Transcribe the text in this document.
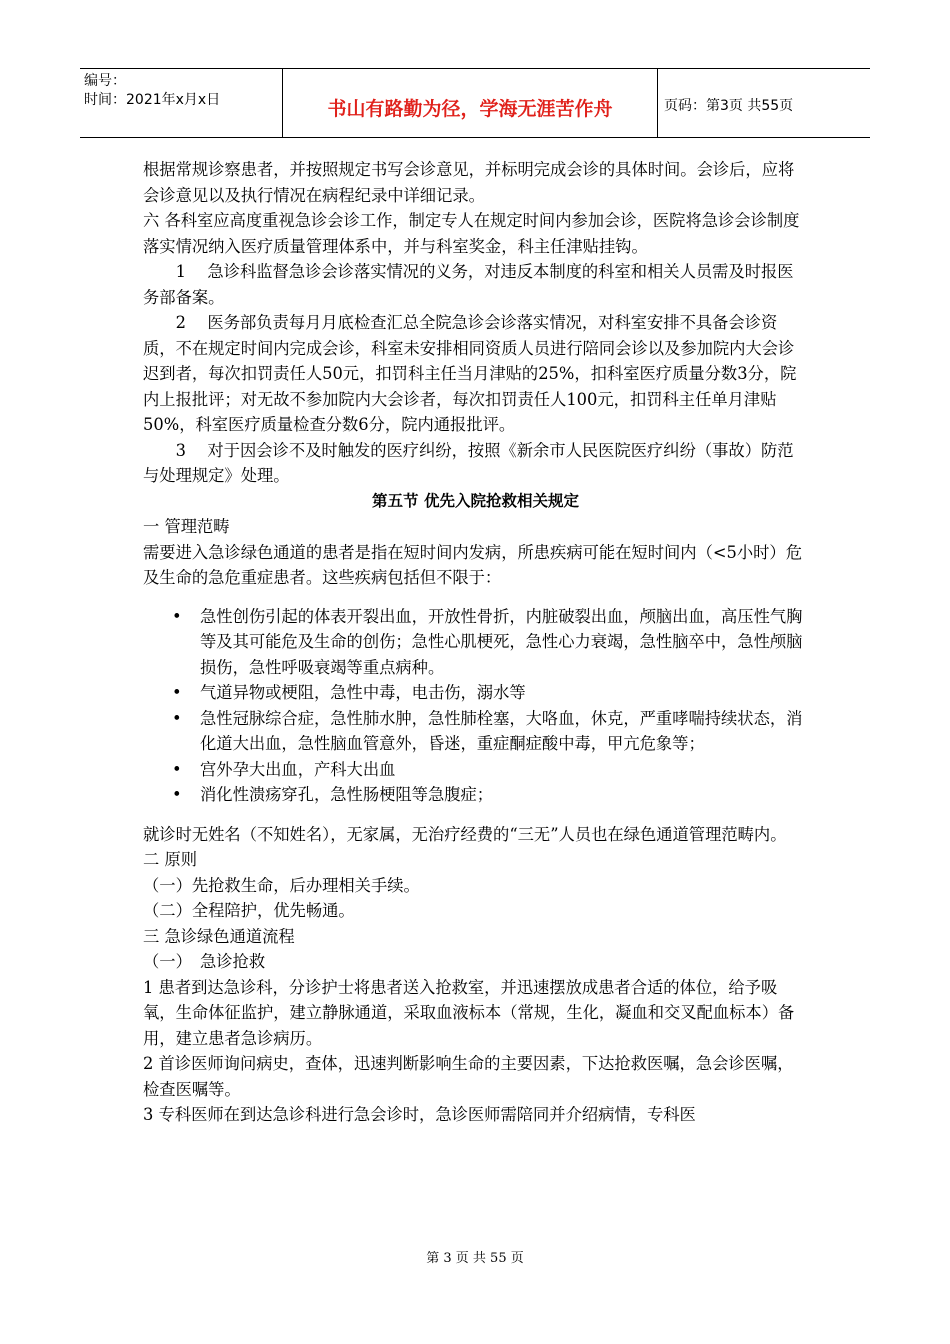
编号：
时间：2021年x月x日	书山有路勤为径，学海无涯苦作舟	页码：第3页 共55页

根据常规诊察患者，并按照规定书写会诊意见，并标明完成会诊的具体时间。会诊后，应将会诊意见以及执行情况在病程纪录中详细记录。

六 各科室应高度重视急诊会诊工作，制定专人在规定时间内参加会诊，医院将急诊会诊制度落实情况纳入医疗质量管理体系中，并与科室奖金，科主任津贴挂钩。

1　 急诊科监督急诊会诊落实情况的义务，对违反本制度的科室和相关人员需及时报医务部备案。

2　 医务部负责每月月底检查汇总全院急诊会诊落实情况，对科室安排不具备会诊资质，不在规定时间内完成会诊，科室未安排相同资质人员进行陪同会诊以及参加院内大会诊迟到者，每次扣罚责任人50元，扣罚科主任当月津贴的25%，扣科室医疗质量分数3分，院内上报批评；对无故不参加院内大会诊者，每次扣罚责任人100元，扣罚科主任单月津贴50%，科室医疗质量检查分数6分，院内通报批评。

3　 对于因会诊不及时触发的医疗纠纷，按照《新余市人民医院医疗纠纷（事故）防范与处理规定》处理。

第五节 优先入院抢救相关规定

一 管理范畴

需要进入急诊绿色通道的患者是指在短时间内发病，所患疾病可能在短时间内（<5小时）危及生命的急危重症患者。这些疾病包括但不限于：

• 急性创伤引起的体表开裂出血，开放性骨折，内脏破裂出血，颅脑出血，高压性气胸等及其可能危及生命的创伤；急性心肌梗死，急性心力衰竭，急性脑卒中，急性颅脑损伤，急性呼吸衰竭等重点病种。
• 气道异物或梗阻，急性中毒，电击伤，溺水等
• 急性冠脉综合症，急性肺水肿，急性肺栓塞，大咯血，休克，严重哮喘持续状态，消化道大出血，急性脑血管意外，昏迷，重症酮症酸中毒，甲亢危象等；
• 宫外孕大出血，产科大出血
• 消化性溃疡穿孔，急性肠梗阻等急腹症；

就诊时无姓名（不知姓名），无家属，无治疗经费的“三无”人员也在绿色通道管理范畴内。

二 原则

（一）先抢救生命，后办理相关手续。

（二）全程陪护，优先畅通。

三 急诊绿色通道流程

（一）　急诊抢救

1 患者到达急诊科，分诊护士将患者送入抢救室，并迅速摆放成患者合适的体位，给予吸氧，生命体征监护，建立静脉通道，采取血液标本（常规，生化，凝血和交叉配血标本）备用，建立患者急诊病历。

2 首诊医师询问病史，查体，迅速判断影响生命的主要因素，下达抢救医嘱，急会诊医嘱，检查医嘱等。

3 专科医师在到达急诊科进行急会诊时，急诊医师需陪同并介绍病情，专科医

第 3 页 共 55 页
